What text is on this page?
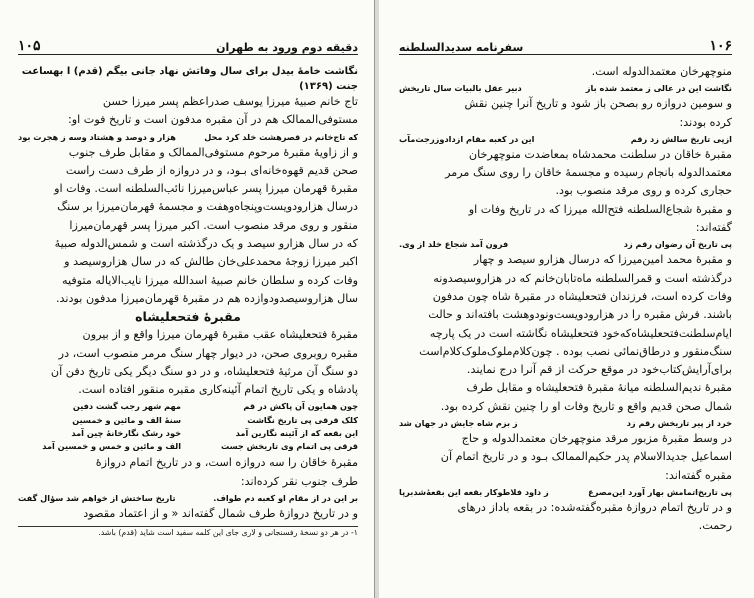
دقیقه دوم ورود به طهران
۱۰۵
نگاشت خامهٔ بیدل برای سال وفاتش نهاد جانی بیگم (قدم) ا بهساعت جنت (۱۳۶۹)

تاج خانم صبیهٔ میرزا یوسف صدراعظم پسر میرزا حسن

مستوفی‌الممالک هم در آن مقبره مدفون است و تاریخ فوت او:

که تاج‌خانم در قصرهشت خلد کرد محل
هزار و دوصد و هشتاد وسه ز هجرت بود

و از زاویهٔ مقبرهٔ مرحوم مستوفی‌الممالک و مقابل طرف جنوب

صحن قدیم قهوه‌خانه‌ای بـود، و در دروازه از طرف دست راست

مقبرهٔ قهرمان میرزا پسر عباس‌میرزا نائب‌السلطنه است. وفات او

درسال هزارودویست‌وپنجاه‌وهفت و مجسمهٔ قهرمان‌میرزا بر سنگ

منقور و روی مرقد منصوب است. اکبر میرزا پسر قهرمان‌میرزا

که در سال هزارو سیصد و یک درگذشته است و شمس‌الدوله صبیهٔ

اکبر میرزا زوجهٔ محمدعلی‌خان طالش که در سال هزاروسیصد و

وفات کرده و سلطان خانم صبیهٔ اسدالله میرزا نایب‌الایاله متوفیه

سال هزاروسیصدودوازده هم در مقبرهٔ قهرمان‌میرزا مدفون بودند.

مقبرهٔ فتحعلیشاه

مقبرهٔ فتحعلیشاه عقب مقبرهٔ قهرمان میرزا واقع و از بیرون

مقبره روبروی صحن، در دیوار چهار سنگ مرمر منصوب است، در

دو سنگ آن مرثیهٔ فتحعلیشاه، و در دو سنگ دیگر یکی تاریخ دفن آن

پادشاه و یکی تاریخ اتمام آئینه‌کاری مقبره منقور افتاده است.

چون همایون آن پاکش در قم
مهم شهر رجب گشت دفین
کلک قرقی پی تاریخ نگاشت
سنهٔ الف و مائین و خمسین
این بقعه که از آئینه نگارین آمد
خود رشک نگارخانهٔ چین آمد
قرقی پی اتمام وی تاریخش جست
الف و مائین و خمس و خمسین آمد

مقبرهٔ خاقان را سه دروازه است، و در تاریخ اتمام دروازهٔ

طرف جنوب نقر کرده‌اند:

بر این در از مقام او کعبه دم طواف.
تاریخ ساختش از خواهم شد سؤال گفت

و در تاریخ دروازهٔ طرف شمال گفته‌اند « و از اعتماد مقصود

۱- در هر دو نسخهٔ رفسنجانی و لاری جای این کلمه سفید است شاید (قدم) باشد.
۱۰۶
سفرنامه سدیدالسلطنه

منوچهرخان معتمدالدوله است.

نگاشت این در عالی ز معتمد شده باز
دبیر عقل بالبیات سال تاریخش

و سومین دروازه رو بصحن باز شود و تاریخ آنرا چنین نقش

کرده بودند:

ازپی تاریخ سالش زد رقم
این در کعبه مقام ازدادوزرجت‌مآب

مقبرهٔ خاقان در سلطنت محمدشاه بمعاضدت منوچهرخان

معتمدالدوله بانجام رسیده و مجسمهٔ خاقان را روی سنگ مرمر

حجاری کرده و روی مرقد منصوب بود.

و مقبرهٔ شجاع‌السلطنه فتح‌الله میرزا که در تاریخ وفات او

گفته‌اند:

پی تاریخ آن رضوان رقم زد
فرون آمد شجاع خلد از وی.

و مقبرهٔ محمد امین‌میرزا که درسال هزارو سیصد و چهار

درگذشته است و قمرالسلطنه ماه‌تابان‌خانم که در هزاروسیصدونه

وفات کرده است، فرزندان فتحعلیشاه در مقبرهٔ شاه چون مدفون

باشند. فرش مقبره را در هزارودویست‌ونودوهشت بافته‌اند و حالت

ایام‌سلطنت‌فتحعلیشاه‌که‌خود فتحعلیشاه نگاشته است در یک پارچه

سنگ‌منقور و درطاق‌نمائی نصب بوده . چون‌کلام‌ملوک‌ملوک‌کلام‌است

برای‌آرایش‌کتاب‌خود در موقع حرکت از قم آنرا درج نمایند.

مقبرهٔ ندیم‌السلطنه میانهٔ مقبرهٔ فتحعلیشاه و مقابل طرف

شمال صحن قدیم واقع و تاریخ وفات او را چنین نقش کرده بود.

خرد از پیر تاریخش رقم زد
ز بزم شاه جایش در جهان شد

در وسط مقبرهٔ مزبور مرقد منوچهرخان معتمدالدوله و حاج

اسماعیل جدیدالاسلام پدر حکیم‌الممالک بـود و در تاریخ اتمام آن

مقبره گفته‌اند:

پی تاریخ‌اتمامش بهار آورد این‌مصرع
ز داود فلاطوکار بقعه این بقعهٔ‌شدبرپا

و در تاریخ اتمام دروازهٔ مقبره‌گفته‌شده: در بقعه باداز درهای

رحمت.
